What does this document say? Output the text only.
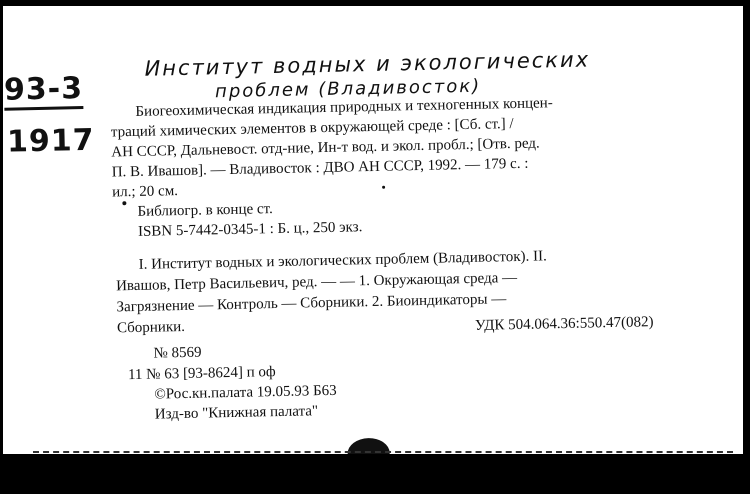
93-3
1917
Институт водных и экологических
проблем (Владивосток)
Биогеохимическая индикация природных и техногенных концен-
траций химических элементов в окружающей среде : [Сб. ст.] /
АН СССР, Дальневост. отд-ние, Ин-т вод. и экол. пробл.; [Отв. ред.
П. В. Ивашов]. — Владивосток : ДВО АН СССР, 1992. — 179 с. :
ил.; 20 см.
Библиогр. в конце ст.
ISBN 5-7442-0345-1 : Б. ц., 250 экз.
I. Институт водных и экологических проблем (Владивосток). II.
Ивашов, Петр Васильевич, ред. — — 1. Окружающая среда —
Загрязнение — Контроль — Сборники. 2. Биоиндикаторы —
Сборники.	УДК 504.064.36:550.47(082)
№ 8569
11 № 63 [93-8624] п оф
©Рос.кн.палата 19.05.93 Б63
Изд-во "Книжная палата"
